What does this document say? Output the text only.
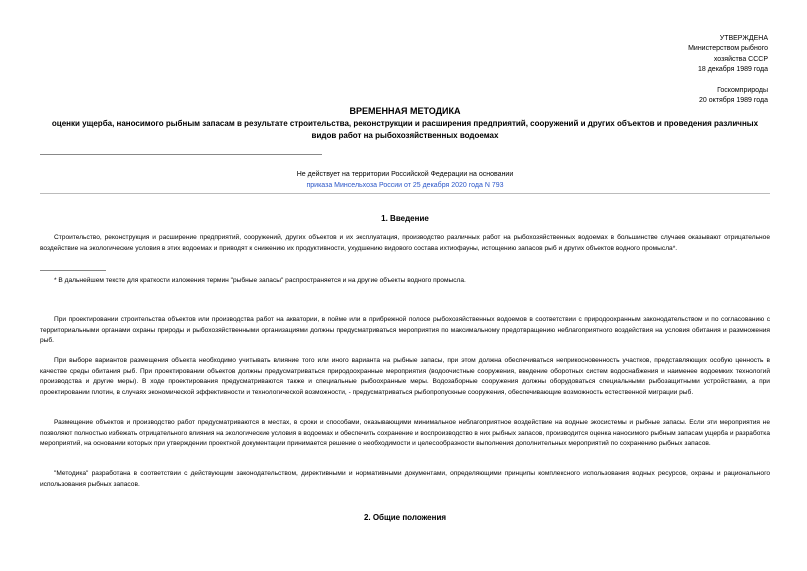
УТВЕРЖДЕНА
Министерством рыбного
хозяйства СССР
18 декабря 1989 года
Госкомприроды
20 октября 1989 года
ВРЕМЕННАЯ МЕТОДИКА
оценки ущерба, наносимого рыбным запасам в результате строительства, реконструкции и расширения предприятий, сооружений и других объектов и проведения различных видов работ на рыбохозяйственных водоемах
Не действует на территории Российской Федерации на основании
приказа Минсельхоза России от 25 декабря 2020 года N 793
1. Введение
Строительство, реконструкция и расширение предприятий, сооружений, других объектов и их эксплуатация, производство различных работ на рыбохозяйственных водоемах в большинстве случаев оказывают отрицательное воздействие на экологические условия в этих водоемах и приводят к снижению их продуктивности, ухудшению видового состава ихтиофауны, истощению запасов рыб и других объектов водного промысла*.
* В дальнейшем тексте для краткости изложения термин "рыбные запасы" распространяется и на другие объекты водного промысла.
При проектировании строительства объектов или производства работ на акватории, в пойме или в прибрежной полосе рыбохозяйственных водоемов в соответствии с природоохранным законодательством и по согласованию с территориальными органами охраны природы и рыбохозяйственными организациями должны предусматриваться мероприятия по максимальному предотвращению неблагоприятного воздействия на условия обитания и размножения рыб.
При выборе вариантов размещения объекта необходимо учитывать влияние того или иного варианта на рыбные запасы, при этом должна обеспечиваться неприкосновенность участков, представляющих особую ценность в качестве среды обитания рыб. При проектировании объектов должны предусматриваться природоохранные мероприятия (водоочистные сооружения, введение оборотных систем водоснабжения и наименее водоемких технологий производства и другие меры). В ходе проектирования предусматриваются также и специальные рыбоохранные меры. Водозаборные сооружения должны оборудоваться специальными рыбозащитными устройствами, а при проектировании плотин, в случаях экономической эффективности и технологической возможности, - предусматриваться рыбопропускные сооружения, обеспечивающие возможность естественной миграции рыб.
Размещение объектов и производство работ предусматриваются в местах, в сроки и способами, оказывающими минимальное неблагоприятное воздействие на водные экосистемы и рыбные запасы. Если эти мероприятия не позволяют полностью избежать отрицательного влияния на экологические условия в водоемах и обеспечить сохранение и воспроизводство в них рыбных запасов, производится оценка наносимого рыбным запасам ущерба и разработка мероприятий, на основании которых при утверждении проектной документации принимается решение о необходимости и целесообразности выполнения дополнительных мероприятий по сохранению рыбных запасов.
"Методика" разработана в соответствии с действующим законодательством, директивными и нормативными документами, определяющими принципы комплексного использования водных ресурсов, охраны и рационального использования рыбных запасов.
2. Общие положения
